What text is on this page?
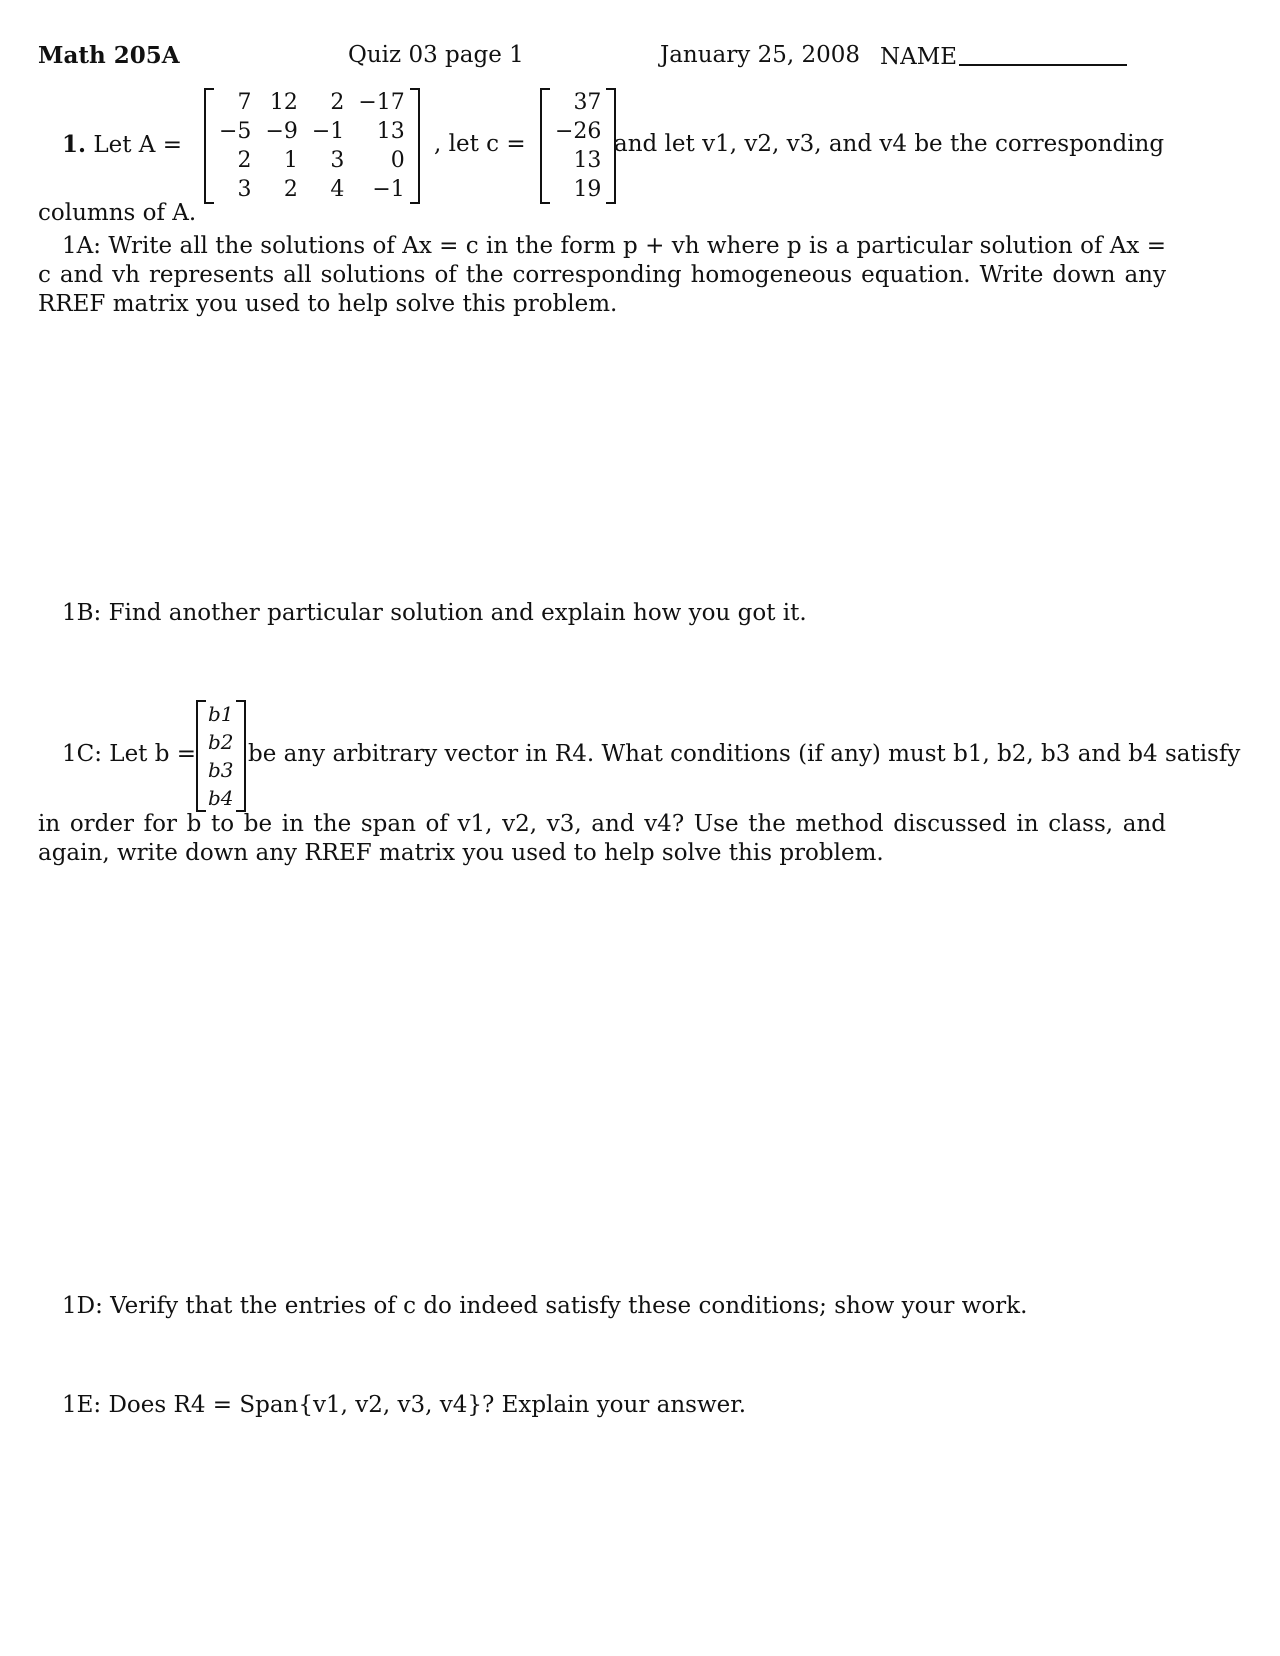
Math 205A	Quiz 03 page 1	January 25, 2008 NAME
1. Let A =
7	12	2	−17
−5	−9	−1	13
2	1	3	0
3	2	4	−1
, let c =
37
−26
13
19
and let v1, v2, v3, and v4 be the corresponding
columns of A.
1A: Write all the solutions of Ax = c in the form p + vh where p is a particular solution of Ax = c and vh represents all solutions of the corresponding homogeneous equation. Write down any RREF matrix you used to help solve this problem.
1B: Find another particular solution and explain how you got it.
1C: Let b =
b1
b2
b3
b4
be any arbitrary vector in R4. What conditions (if any) must b1, b2, b3 and b4 satisfy
in order for b to be in the span of v1, v2, v3, and v4? Use the method discussed in class, and again, write down any RREF matrix you used to help solve this problem.
1D: Verify that the entries of c do indeed satisfy these conditions; show your work.
1E: Does R4 = Span{v1, v2, v3, v4}? Explain your answer.
